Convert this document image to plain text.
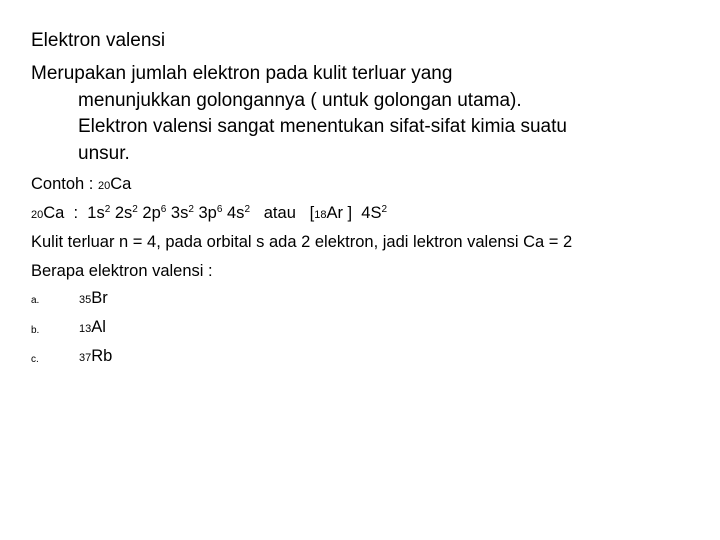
Elektron valensi
Merupakan jumlah elektron pada kulit terluar yang
menunjukkan golongannya ( untuk golongan utama).
Elektron valensi sangat menentukan sifat-sifat kimia suatu
unsur.
Contoh : 20Ca
20Ca  :  $1s^2$ $2s^2$ $2p^6$ $3s^2$ $3p^6$ $4s^2$   atau   [18Ar ]  $4S^2$
Kulit terluar n = 4, pada orbital s ada 2 elektron, jadi lektron valensi Ca = 2
Berapa elektron valensi :
a.	35Br
b.	13Al
c.	37Rb
